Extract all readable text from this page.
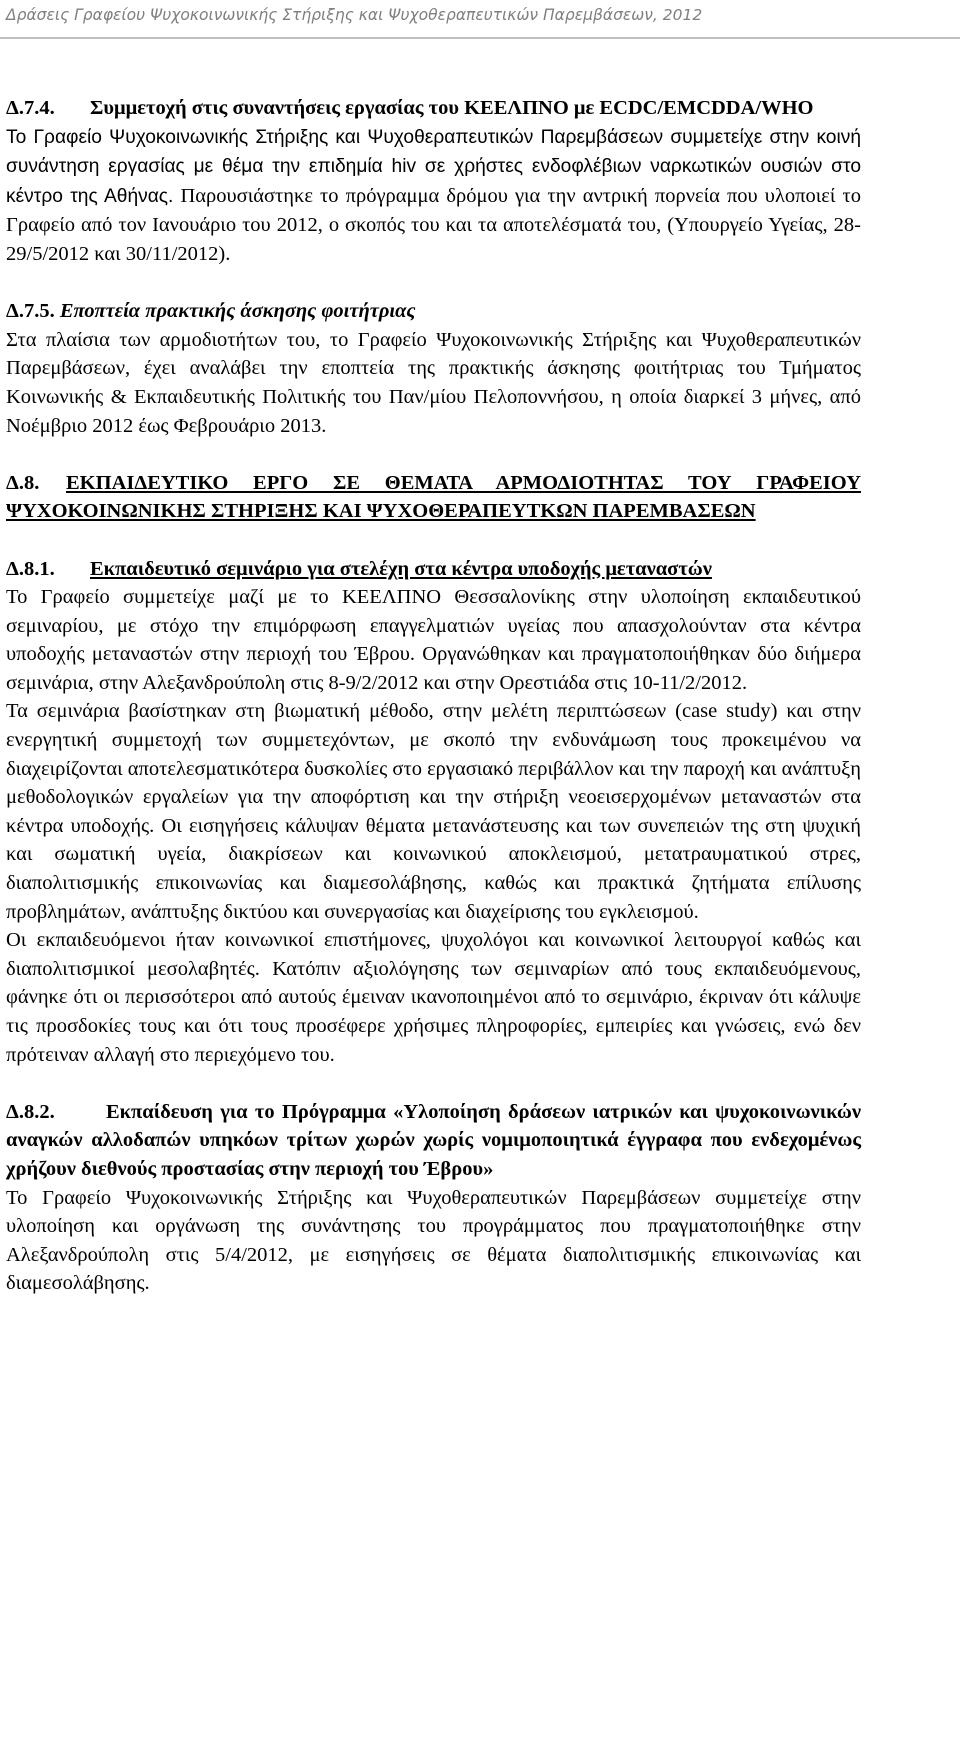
Δράσεις Γραφείου Ψυχοκοινωνικής Στήριξης και Ψυχοθεραπευτικών Παρεμβάσεων, 2012

Δ.7.4. Συμμετοχή στις συναντήσεις εργασίας του ΚΕΕΛΠΝΟ με ECDC/EMCDDA/WHO

Το Γραφείο Ψυχοκοινωνικής Στήριξης και Ψυχοθεραπευτικών Παρεμβάσεων συμμετείχε στην κοινή συνάντηση εργασίας με θέμα την επιδημία hiv σε χρήστες ενδοφλέβιων ναρκωτικών ουσιών στο κέντρο της Αθήνας. Παρουσιάστηκε το πρόγραμμα δρόμου για την αντρική πορνεία που υλοποιεί το Γραφείο από τον Ιανουάριο του 2012, ο σκοπός του και τα αποτελέσματά του, (Υπουργείο Υγείας, 28-29/5/2012 και 30/11/2012).

Δ.7.5. Εποπτεία πρακτικής άσκησης φοιτήτριας

Στα πλαίσια των αρμοδιοτήτων του, το Γραφείο Ψυχοκοινωνικής Στήριξης και Ψυχοθεραπευτικών Παρεμβάσεων, έχει αναλάβει την εποπτεία της πρακτικής άσκησης φοιτήτριας του Τμήματος Κοινωνικής & Εκπαιδευτικής Πολιτικής του Παν/μίου Πελοποννήσου, η οποία διαρκεί 3 μήνες, από Νοέμβριο 2012 έως Φεβρουάριο 2013.

Δ.8. ΕΚΠΑΙΔΕΥΤΙΚΟ ΕΡΓΟ ΣΕ ΘΕΜΑΤΑ ΑΡΜΟΔΙΟΤΗΤΑΣ ΤΟΥ ΓΡΑΦΕΙΟΥ ΨΥΧΟΚΟΙΝΩΝΙΚΗΣ ΣΤΗΡΙΞΗΣ ΚΑΙ ΨΥΧΟΘΕΡΑΠΕΥΤΚΩΝ ΠΑΡΕΜΒΑΣΕΩΝ

Δ.8.1. Εκπαιδευτικό σεμινάριο για στελέχη στα κέντρα υποδοχής μεταναστών

Το Γραφείο συμμετείχε μαζί με το ΚΕΕΛΠΝΟ Θεσσαλονίκης στην υλοποίηση εκπαιδευτικού σεμιναρίου, με στόχο την επιμόρφωση επαγγελματιών υγείας που απασχολούνταν στα κέντρα υποδοχής μεταναστών στην περιοχή του Έβρου. Οργανώθηκαν και πραγματοποιήθηκαν δύο διήμερα σεμινάρια, στην Αλεξανδρούπολη στις 8-9/2/2012 και στην Ορεστιάδα στις 10-11/2/2012.

Τα σεμινάρια βασίστηκαν στη βιωματική μέθοδο, στην μελέτη περιπτώσεων (case study) και στην ενεργητική συμμετοχή των συμμετεχόντων, με σκοπό την ενδυνάμωση τους προκειμένου να διαχειρίζονται αποτελεσματικότερα δυσκολίες στο εργασιακό περιβάλλον και την παροχή και ανάπτυξη μεθοδολογικών εργαλείων για την αποφόρτιση και την στήριξη νεοεισερχομένων μεταναστών στα κέντρα υποδοχής. Οι εισηγήσεις κάλυψαν θέματα μετανάστευσης και των συνεπειών της στη ψυχική και σωματική υγεία, διακρίσεων και κοινωνικού αποκλεισμού, μετατραυματικού στρες, διαπολιτισμικής επικοινωνίας και διαμεσολάβησης, καθώς και πρακτικά ζητήματα επίλυσης προβλημάτων, ανάπτυξης δικτύου και συνεργασίας και διαχείρισης του εγκλεισμού.

Οι εκπαιδευόμενοι ήταν κοινωνικοί επιστήμονες, ψυχολόγοι και κοινωνικοί λειτουργοί καθώς και διαπολιτισμικοί μεσολαβητές. Κατόπιν αξιολόγησης των σεμιναρίων από τους εκπαιδευόμενους, φάνηκε ότι οι περισσότεροι από αυτούς έμειναν ικανοποιημένοι από το σεμινάριο, έκριναν ότι κάλυψε τις προσδοκίες τους και ότι τους προσέφερε χρήσιμες πληροφορίες, εμπειρίες και γνώσεις, ενώ δεν πρότειναν αλλαγή στο περιεχόμενο του.

Δ.8.2.	Εκπαίδευση για το Πρόγραμμα «Υλοποίηση δράσεων ιατρικών και ψυχοκοινωνικών αναγκών αλλοδαπών υπηκόων τρίτων χωρών χωρίς νομιμοποιητικά έγγραφα που ενδεχομένως χρήζουν διεθνούς προστασίας στην περιοχή του Έβρου»

Το Γραφείο Ψυχοκοινωνικής Στήριξης και Ψυχοθεραπευτικών Παρεμβάσεων συμμετείχε στην υλοποίηση και οργάνωση της συνάντησης του προγράμματος που πραγματοποιήθηκε στην Αλεξανδρούπολη στις 5/4/2012, με εισηγήσεις σε θέματα διαπολιτισμικής επικοινωνίας και διαμεσολάβησης.
